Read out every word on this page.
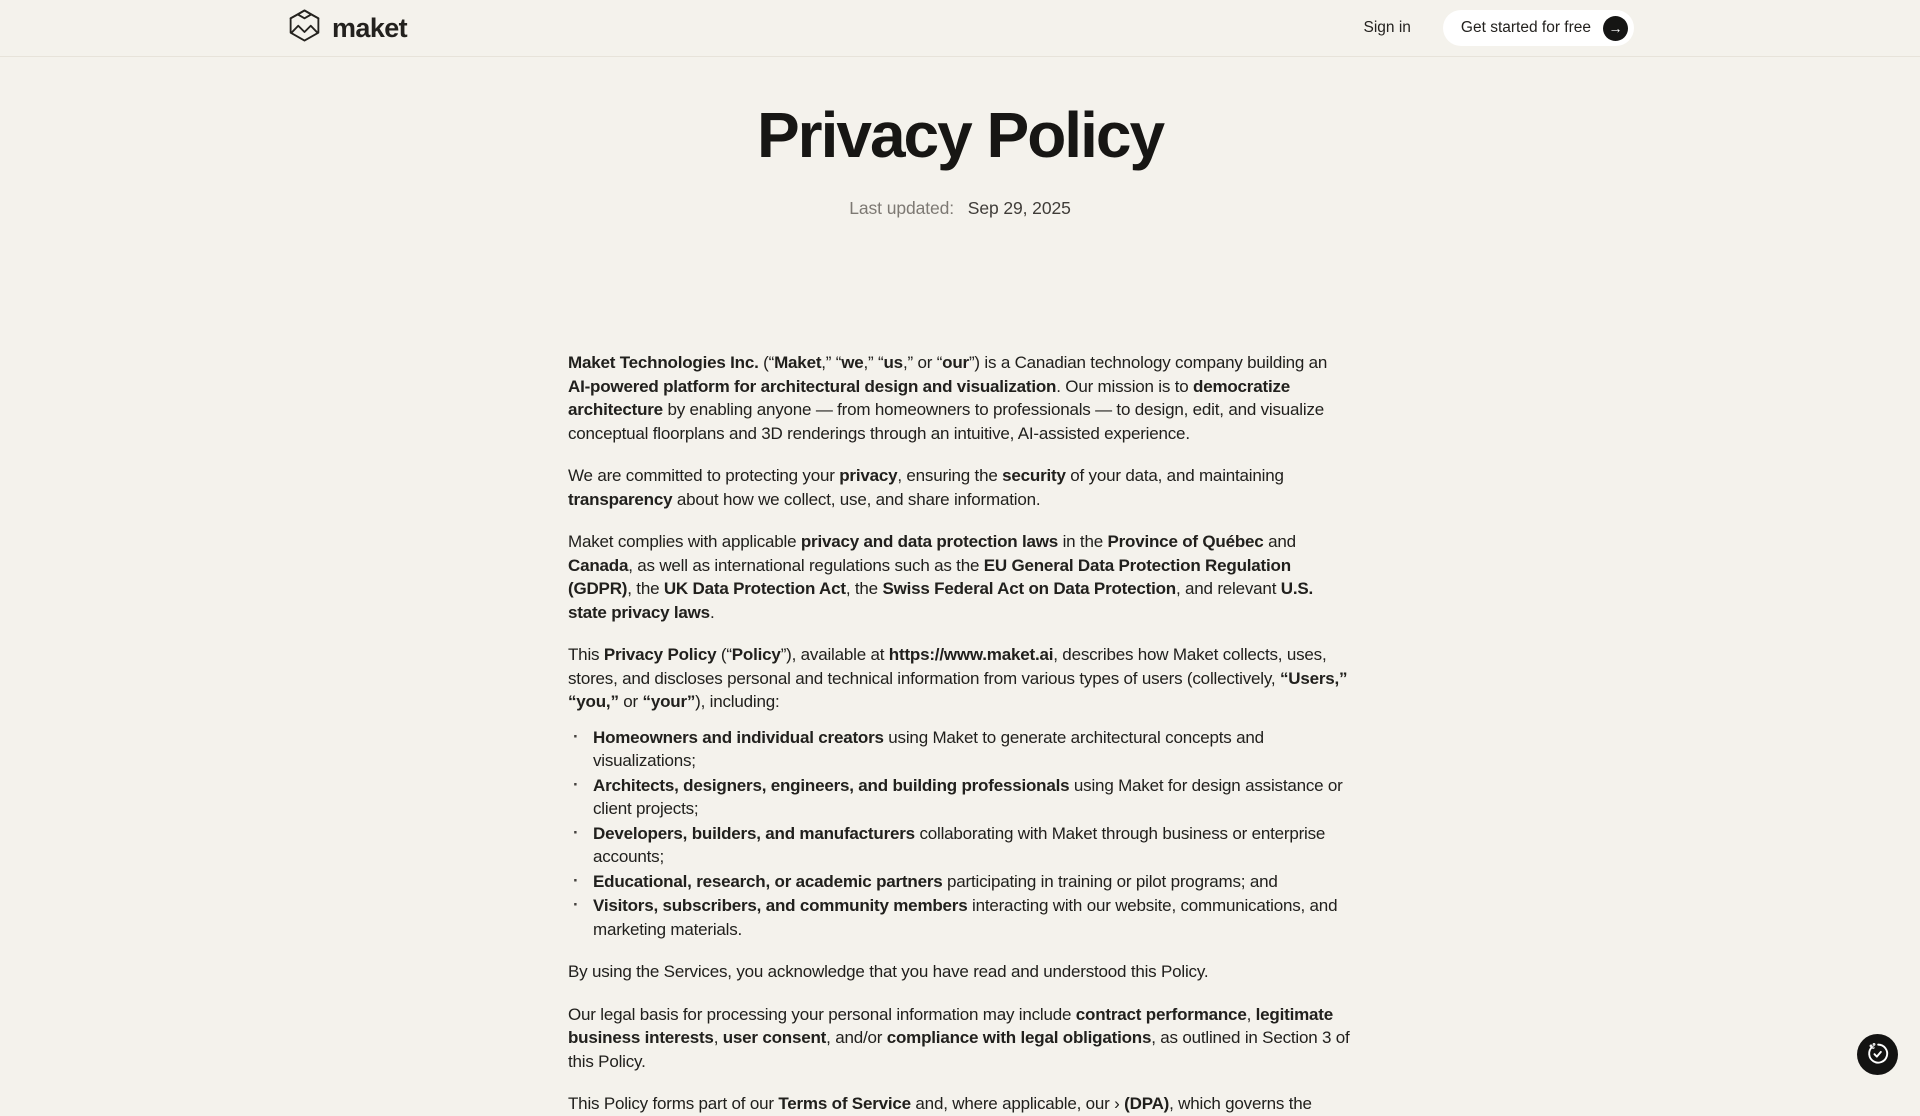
maket	Sign in	Get started for free →
Privacy Policy
Last updated: Sep 29, 2025

Maket Technologies Inc. (“Maket,” “we,” “us,” or “our”) is a Canadian technology company building an AI-powered platform for architectural design and visualization. Our mission is to democratize architecture by enabling anyone — from homeowners to professionals — to design, edit, and visualize conceptual floorplans and 3D renderings through an intuitive, AI-assisted experience.

We are committed to protecting your privacy, ensuring the security of your data, and maintaining transparency about how we collect, use, and share information.

Maket complies with applicable privacy and data protection laws in the Province of Québec and Canada, as well as international regulations such as the EU General Data Protection Regulation (GDPR), the UK Data Protection Act, the Swiss Federal Act on Data Protection, and relevant U.S. state privacy laws.

This Privacy Policy (“Policy”), available at https://www.maket.ai, describes how Maket collects, uses, stores, and discloses personal and technical information from various types of users (collectively, “Users,” “you,” or “your”), including:

· Homeowners and individual creators using Maket to generate architectural concepts and visualizations;
· Architects, designers, engineers, and building professionals using Maket for design assistance or client projects;
· Developers, builders, and manufacturers collaborating with Maket through business or enterprise accounts;
· Educational, research, or academic partners participating in training or pilot programs; and
· Visitors, subscribers, and community members interacting with our website, communications, and marketing materials.

By using the Services, you acknowledge that you have read and understood this Policy.

Our legal basis for processing your personal information may include contract performance, legitimate business interests, user consent, and/or compliance with legal obligations, as outlined in Section 3 of this Policy.

This Policy forms part of our Terms of Service and, where applicable, our › (DPA), which governs the
